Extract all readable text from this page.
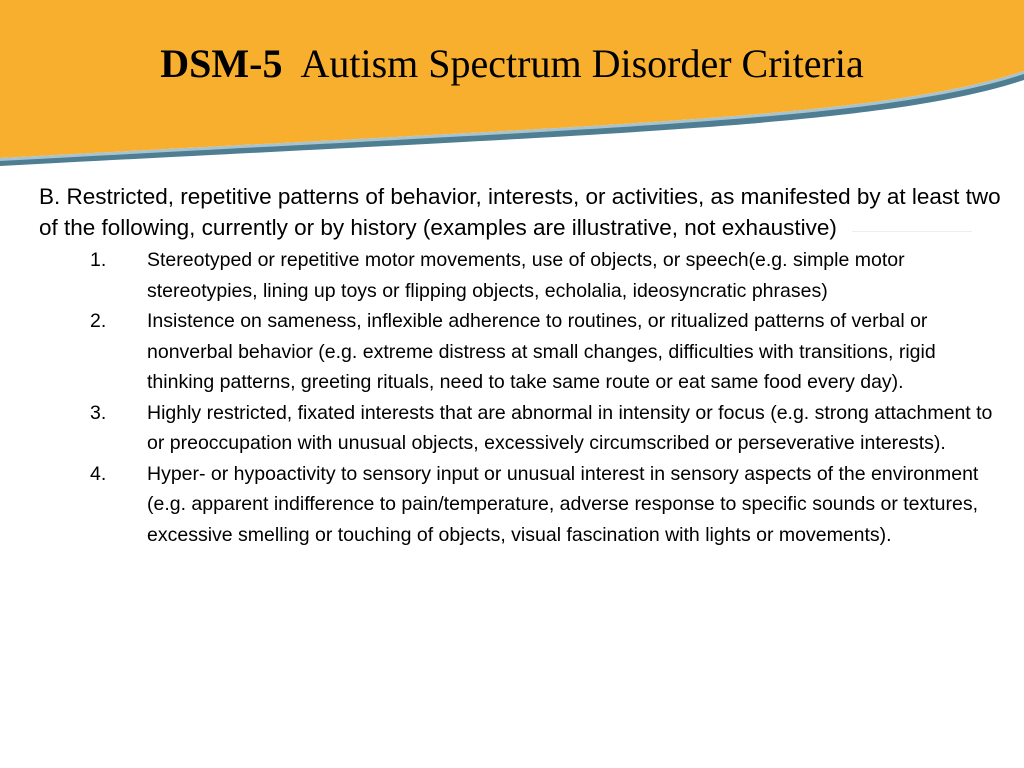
DSM-5 Autism Spectrum Disorder Criteria

B. Restricted, repetitive patterns of behavior, interests, or activities, as manifested by at least two of the following, currently or by history (examples are illustrative, not exhaustive)

1. Stereotyped or repetitive motor movements, use of objects, or speech(e.g. simple motor stereotypies, lining up toys or flipping objects, echolalia, ideosyncratic phrases)
2. Insistence on sameness, inflexible adherence to routines, or ritualized patterns of verbal or nonverbal behavior (e.g. extreme distress at small changes, difficulties with transitions, rigid thinking patterns, greeting rituals, need to take same route or eat same food every day).
3. Highly restricted, fixated interests that are abnormal in intensity or focus (e.g. strong attachment to or preoccupation with unusual objects, excessively circumscribed or perseverative interests).
4. Hyper- or hypoactivity to sensory input or unusual interest in sensory aspects of the environment (e.g. apparent indifference to pain/temperature, adverse response to specific sounds or textures, excessive smelling or touching of objects, visual fascination with lights or movements).
